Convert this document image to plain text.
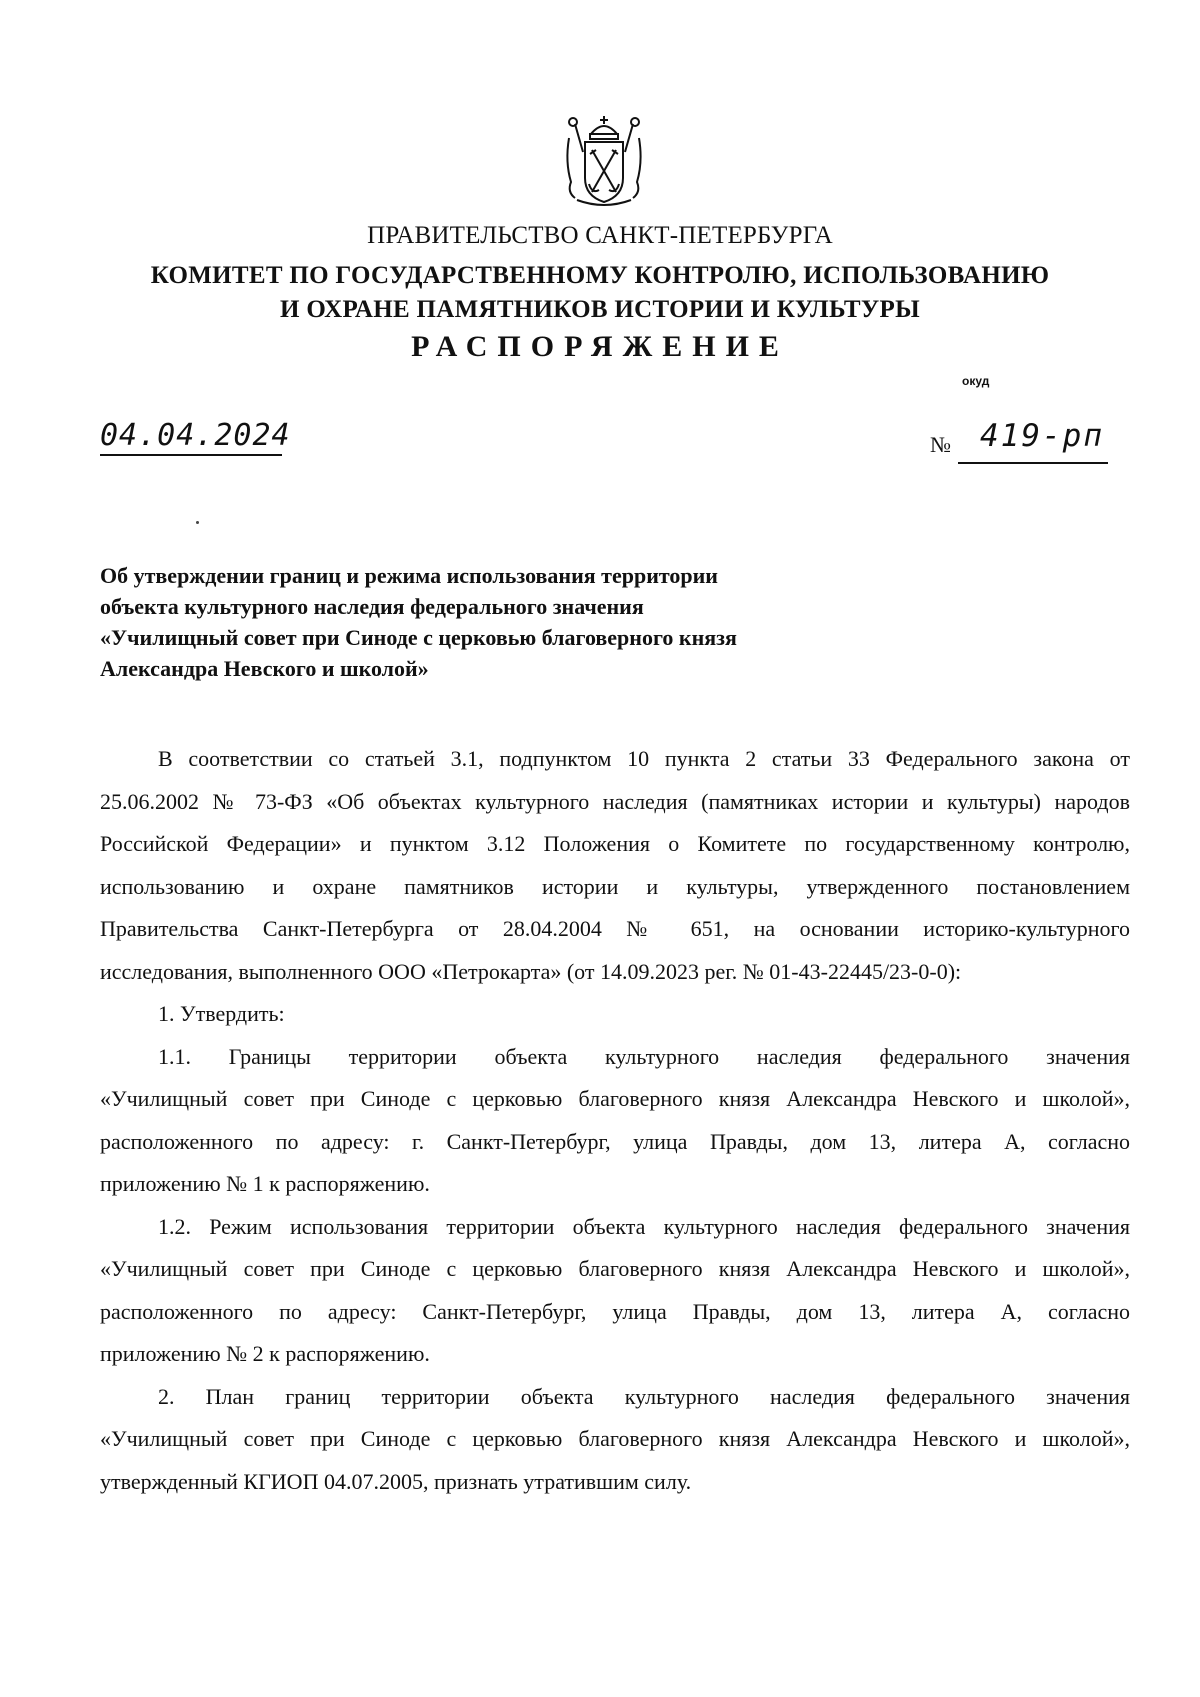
ПРАВИТЕЛЬСТВО САНКТ-ПЕТЕРБУРГА
КОМИТЕТ ПО ГОСУДАРСТВЕННОМУ КОНТРОЛЮ, ИСПОЛЬЗОВАНИЮ
И ОХРАНЕ ПАМЯТНИКОВ ИСТОРИИ И КУЛЬТУРЫ
РАСПОРЯЖЕНИЕ
окуд
04.04.2024	№ 419-рп
Об утверждении границ и режима использования территории
объекта культурного наследия федерального значения
«Училищный совет при Синоде с церковью благоверного князя
Александра Невского и школой»
В соответствии со статьей 3.1, подпунктом 10 пункта 2 статьи 33 Федерального закона от
25.06.2002 № 73-ФЗ «Об объектах культурного наследия (памятниках истории и культуры) народов
Российской Федерации» и пунктом 3.12 Положения о Комитете по государственному контролю,
использованию и охране памятников истории и культуры, утвержденного постановлением
Правительства Санкт-Петербурга от 28.04.2004 № 651, на основании историко-культурного
исследования, выполненного ООО «Петрокарта» (от 14.09.2023 рег. № 01-43-22445/23-0-0):
1. Утвердить:
1.1. Границы территории объекта культурного наследия федерального значения
«Училищный совет при Синоде с церковью благоверного князя Александра Невского и школой»,
расположенного по адресу: г. Санкт-Петербург, улица Правды, дом 13, литера А, согласно
приложению № 1 к распоряжению.
1.2. Режим использования территории объекта культурного наследия федерального значения
«Училищный совет при Синоде с церковью благоверного князя Александра Невского и школой»,
расположенного по адресу: Санкт-Петербург, улица Правды, дом 13, литера А, согласно
приложению № 2 к распоряжению.
2. План границ территории объекта культурного наследия федерального значения
«Училищный совет при Синоде с церковью благоверного князя Александра Невского и школой»,
утвержденный КГИОП 04.07.2005, признать утратившим силу.
